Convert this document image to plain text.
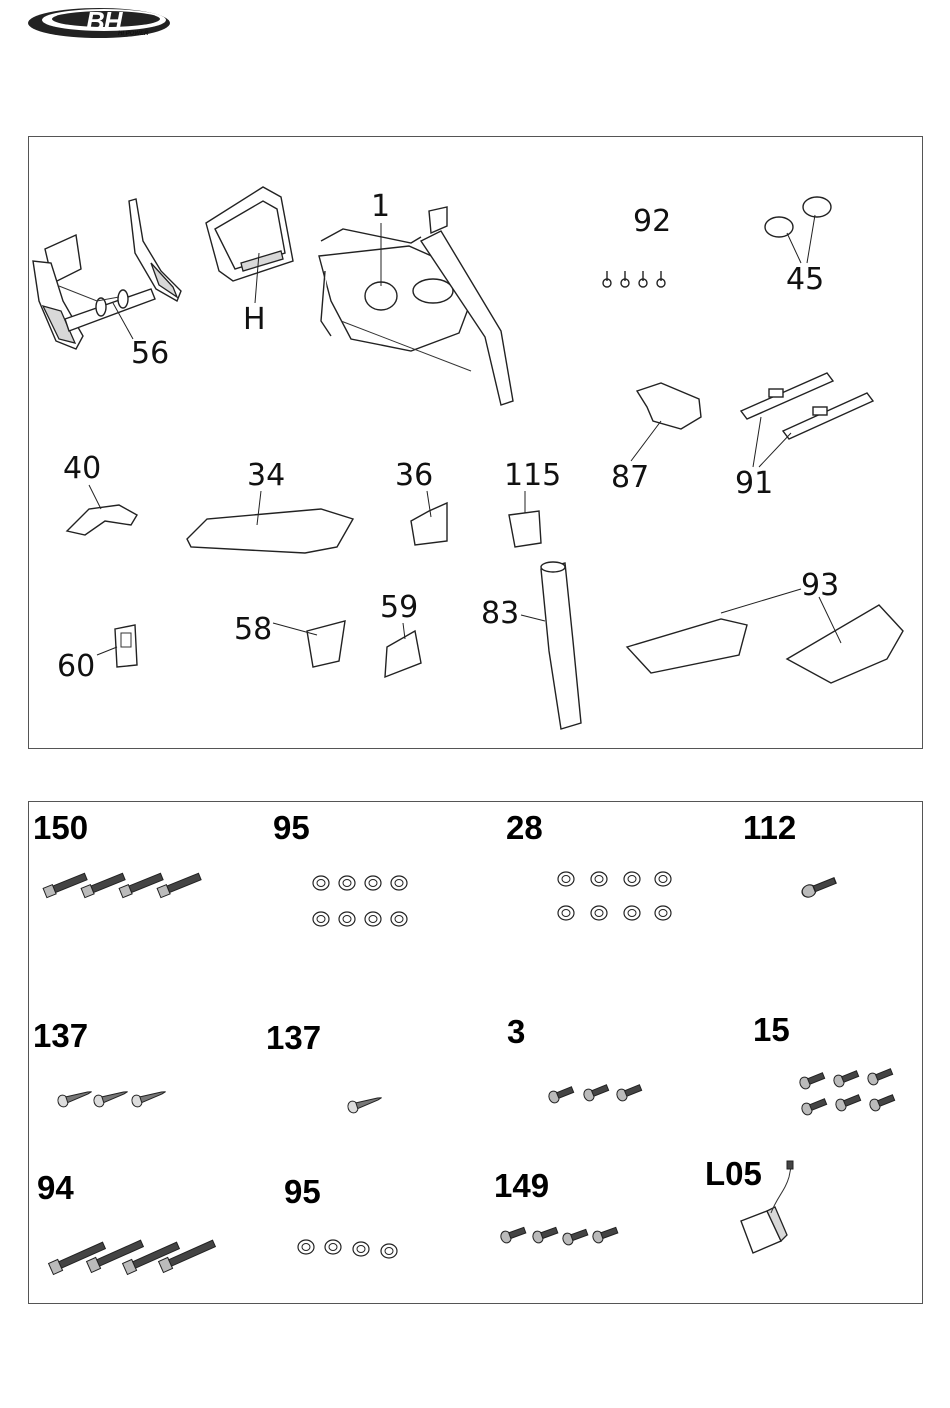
BH
HI POWER
56
H
1	92
45
87	91
40	34	36 115
60
58
59 83
93
150	95	28	112
137	137	3	15
94	95	149	L05
